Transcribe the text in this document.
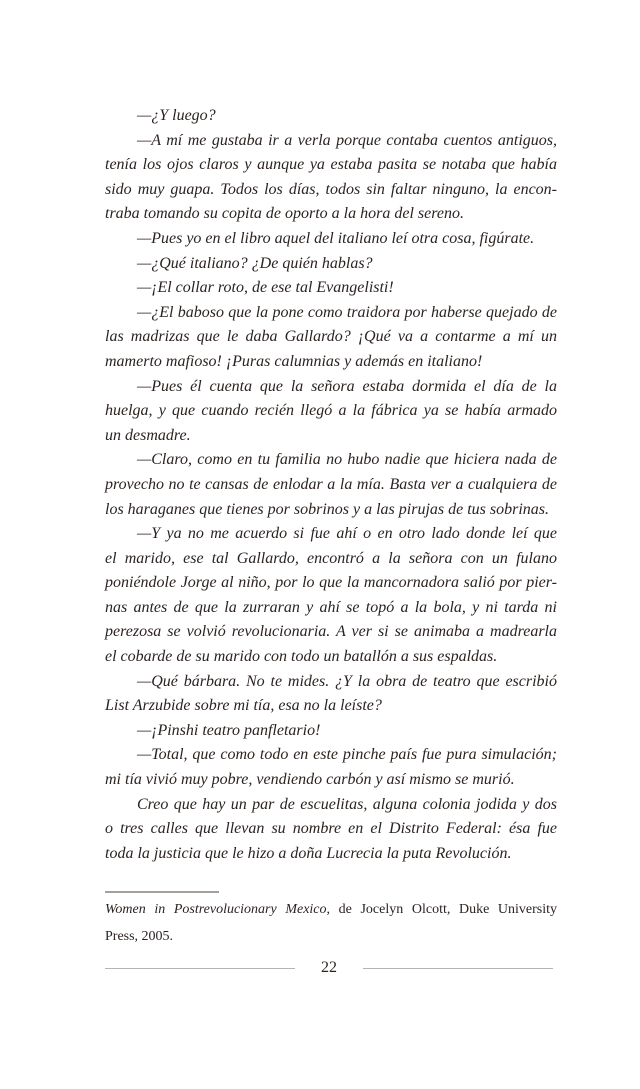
—¿Y luego?
—A mí me gustaba ir a verla porque contaba cuentos antiguos,
tenía los ojos claros y aunque ya estaba pasita se notaba que había
sido muy guapa. Todos los días, todos sin faltar ninguno, la encon-
traba tomando su copita de oporto a la hora del sereno.
—Pues yo en el libro aquel del italiano leí otra cosa, figúrate.
—¿Qué italiano? ¿De quién hablas?
—¡El collar roto, de ese tal Evangelisti!
—¿El baboso que la pone como traidora por haberse quejado de
las madrizas que le daba Gallardo? ¡Qué va a contarme a mí un
mamerto mafioso! ¡Puras calumnias y además en italiano!
—Pues él cuenta que la señora estaba dormida el día de la
huelga, y que cuando recién llegó a la fábrica ya se había armado
un desmadre.
—Claro, como en tu familia no hubo nadie que hiciera nada de
provecho no te cansas de enlodar a la mía. Basta ver a cualquiera de
los haraganes que tienes por sobrinos y a las pirujas de tus sobrinas.
—Y ya no me acuerdo si fue ahí o en otro lado donde leí que
el marido, ese tal Gallardo, encontró a la señora con un fulano
poniéndole Jorge al niño, por lo que la mancornadora salió por pier-
nas antes de que la zurraran y ahí se topó a la bola, y ni tarda ni
perezosa se volvió revolucionaria. A ver si se animaba a madrearla
el cobarde de su marido con todo un batallón a sus espaldas.
—Qué bárbara. No te mides. ¿Y la obra de teatro que escribió
List Arzubide sobre mi tía, esa no la leíste?
—¡Pinshi teatro panfletario!
—Total, que como todo en este pinche país fue pura simulación;
mi tía vivió muy pobre, vendiendo carbón y así mismo se murió.
Creo que hay un par de escuelitas, alguna colonia jodida y dos
o tres calles que llevan su nombre en el Distrito Federal: ésa fue
toda la justicia que le hizo a doña Lucrecia la puta Revolución.
Women in Postrevolucionary Mexico, de Jocelyn Olcott, Duke University
Press, 2005.
22
